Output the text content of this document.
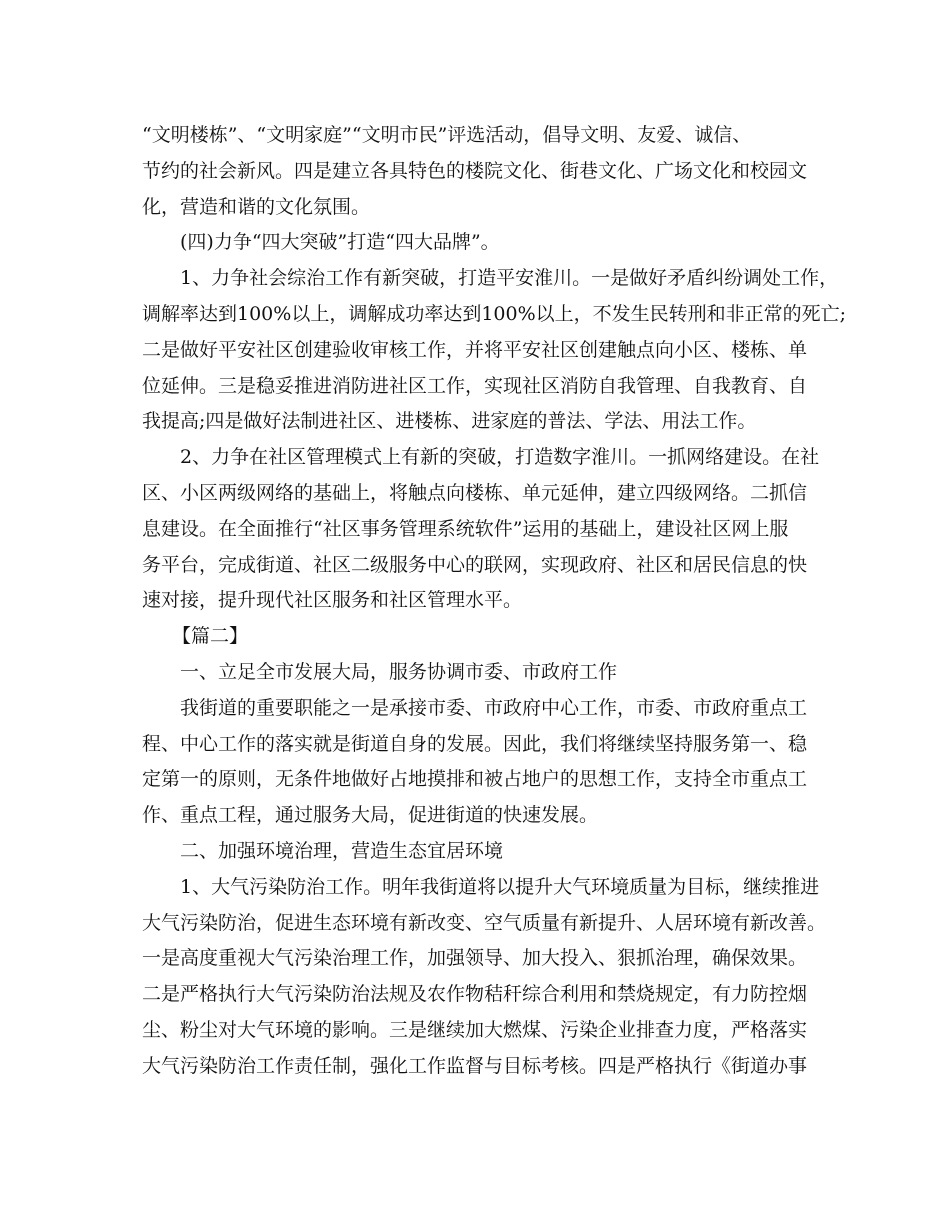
“文明楼栋”、“文明家庭”“文明市民”评选活动，倡导文明、友爱、诚信、
节约的社会新风。四是建立各具特色的楼院文化、街巷文化、广场文化和校园文
化，营造和谐的文化氛围。
(四)力争“四大突破”打造“四大品牌”。
1、力争社会综治工作有新突破，打造平安淮川。一是做好矛盾纠纷调处工作，
调解率达到100%以上，调解成功率达到100%以上，不发生民转刑和非正常的死亡;
二是做好平安社区创建验收审核工作，并将平安社区创建触点向小区、楼栋、单
位延伸。三是稳妥推进消防进社区工作，实现社区消防自我管理、自我教育、自
我提高;四是做好法制进社区、进楼栋、进家庭的普法、学法、用法工作。
2、力争在社区管理模式上有新的突破，打造数字淮川。一抓网络建设。在社
区、小区两级网络的基础上，将触点向楼栋、单元延伸，建立四级网络。二抓信
息建设。在全面推行“社区事务管理系统软件”运用的基础上，建设社区网上服
务平台，完成街道、社区二级服务中心的联网，实现政府、社区和居民信息的快
速对接，提升现代社区服务和社区管理水平。
【篇二】
一、立足全市发展大局，服务协调市委、市政府工作
我街道的重要职能之一是承接市委、市政府中心工作，市委、市政府重点工
程、中心工作的落实就是街道自身的发展。因此，我们将继续坚持服务第一、稳
定第一的原则，无条件地做好占地摸排和被占地户的思想工作，支持全市重点工
作、重点工程，通过服务大局，促进街道的快速发展。
二、加强环境治理，营造生态宜居环境
1、大气污染防治工作。明年我街道将以提升大气环境质量为目标，继续推进
大气污染防治，促进生态环境有新改变、空气质量有新提升、人居环境有新改善。
一是高度重视大气污染治理工作，加强领导、加大投入、狠抓治理，确保效果。
二是严格执行大气污染防治法规及农作物秸秆综合利用和禁烧规定，有力防控烟
尘、粉尘对大气环境的影响。三是继续加大燃煤、污染企业排查力度，严格落实
大气污染防治工作责任制，强化工作监督与目标考核。四是严格执行《街道办事
